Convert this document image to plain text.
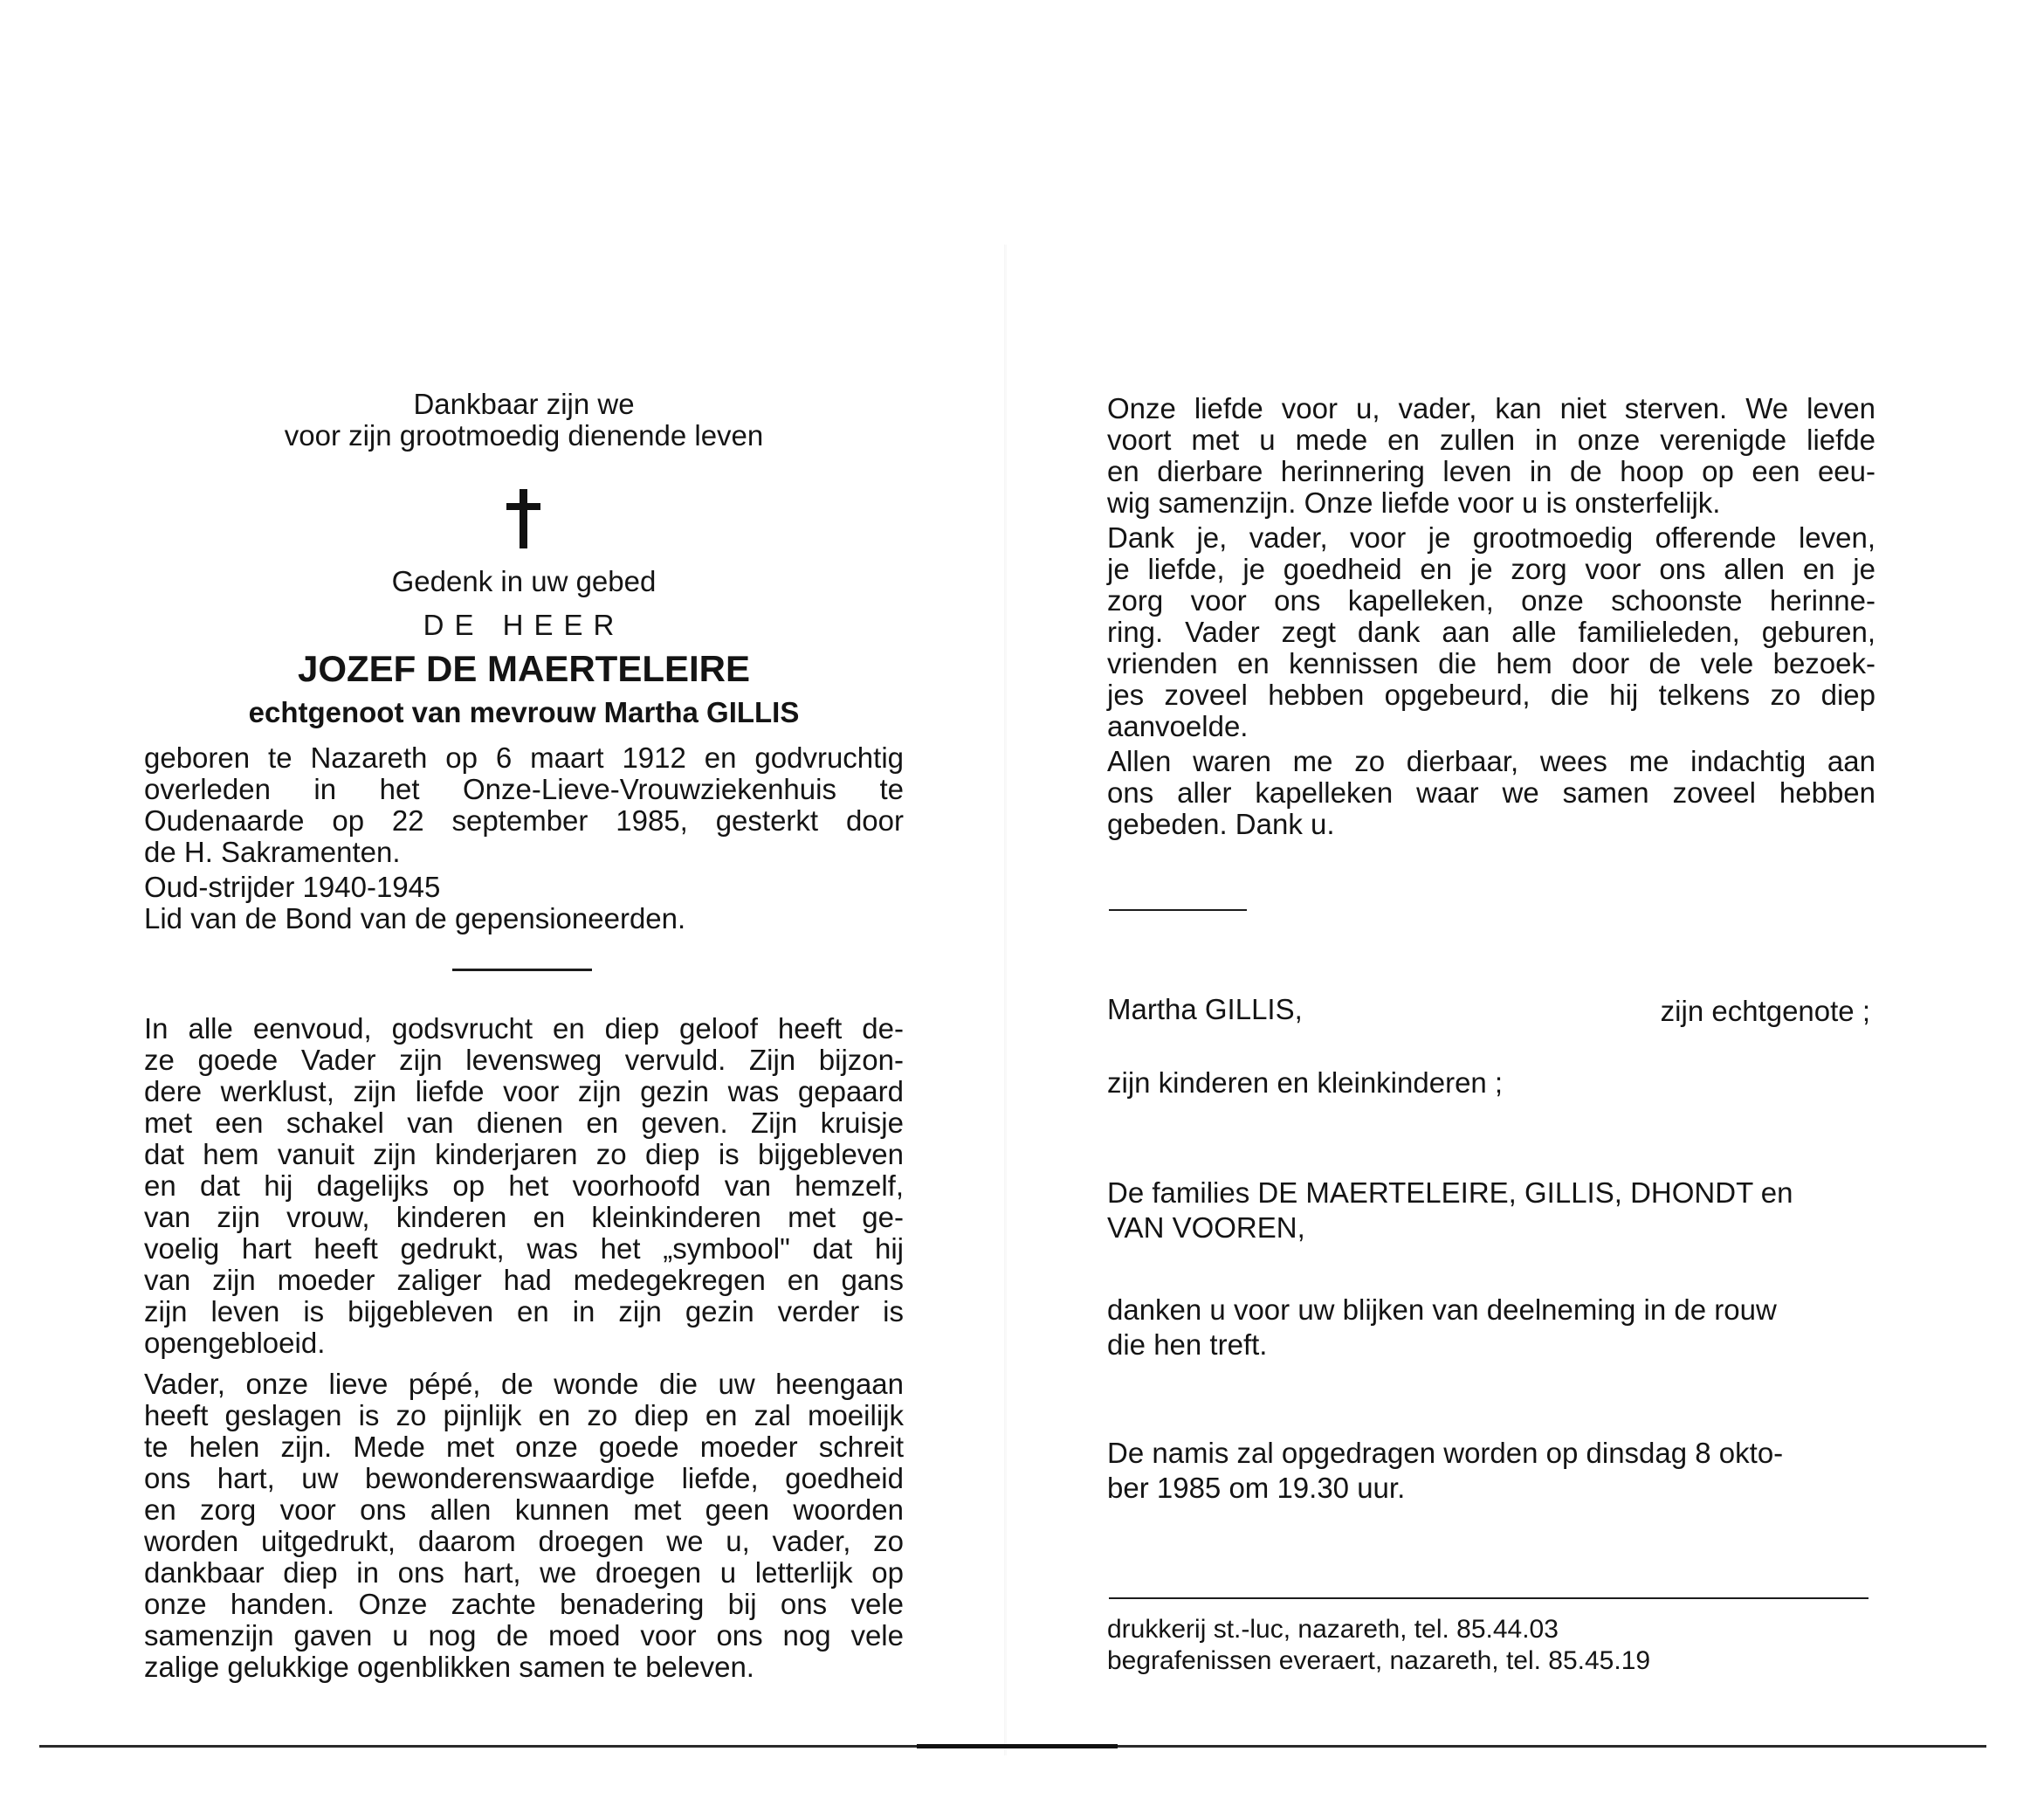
Dankbaar zijn we
voor zijn grootmoedig dienende leven
Gedenk in uw gebed
DE HEER
JOZEF DE MAERTELEIRE
echtgenoot van mevrouw Martha GILLIS
geboren te Nazareth op 6 maart 1912 en godvruchtig
overleden in het Onze-Lieve-Vrouwziekenhuis te
Oudenaarde op 22 september 1985, gesterkt door
de H. Sakramenten.
Oud-strijder 1940-1945
Lid van de Bond van de gepensioneerden.
In alle eenvoud, godsvrucht en diep geloof heeft de-
ze goede Vader zijn levensweg vervuld. Zijn bijzon-
dere werklust, zijn liefde voor zijn gezin was gepaard
met een schakel van dienen en geven. Zijn kruisje
dat hem vanuit zijn kinderjaren zo diep is bijgebleven
en dat hij dagelijks op het voorhoofd van hemzelf,
van zijn vrouw, kinderen en kleinkinderen met ge-
voelig hart heeft gedrukt, was het „symbool" dat hij
van zijn moeder zaliger had medegekregen en gans
zijn leven is bijgebleven en in zijn gezin verder is
opengebloeid.
Vader, onze lieve pépé, de wonde die uw heengaan
heeft geslagen is zo pijnlijk en zo diep en zal moeilijk
te helen zijn. Mede met onze goede moeder schreit
ons hart, uw bewonderenswaardige liefde, goedheid
en zorg voor ons allen kunnen met geen woorden
worden uitgedrukt, daarom droegen we u, vader, zo
dankbaar diep in ons hart, we droegen u letterlijk op
onze handen. Onze zachte benadering bij ons vele
samenzijn gaven u nog de moed voor ons nog vele
zalige gelukkige ogenblikken samen te beleven.
Onze liefde voor u, vader, kan niet sterven. We leven
voort met u mede en zullen in onze verenigde liefde
en dierbare herinnering leven in de hoop op een eeu-
wig samenzijn. Onze liefde voor u is onsterfelijk.
Dank je, vader, voor je grootmoedig offerende leven,
je liefde, je goedheid en je zorg voor ons allen en je
zorg voor ons kapelleken, onze schoonste herinne-
ring. Vader zegt dank aan alle familieleden, geburen,
vrienden en kennissen die hem door de vele bezoek-
jes zoveel hebben opgebeurd, die hij telkens zo diep
aanvoelde.
Allen waren me zo dierbaar, wees me indachtig aan
ons aller kapelleken waar we samen zoveel hebben
gebeden. Dank u.
Martha GILLIS,	zijn echtgenote ;
zijn kinderen en kleinkinderen ;
De families DE MAERTELEIRE, GILLIS, DHONDT en
VAN VOOREN,
danken u voor uw blijken van deelneming in de rouw
die hen treft.
De namis zal opgedragen worden op dinsdag 8 okto-
ber 1985 om 19.30 uur.
drukkerij st.-luc, nazareth, tel. 85.44.03
begrafenissen everaert, nazareth, tel. 85.45.19
